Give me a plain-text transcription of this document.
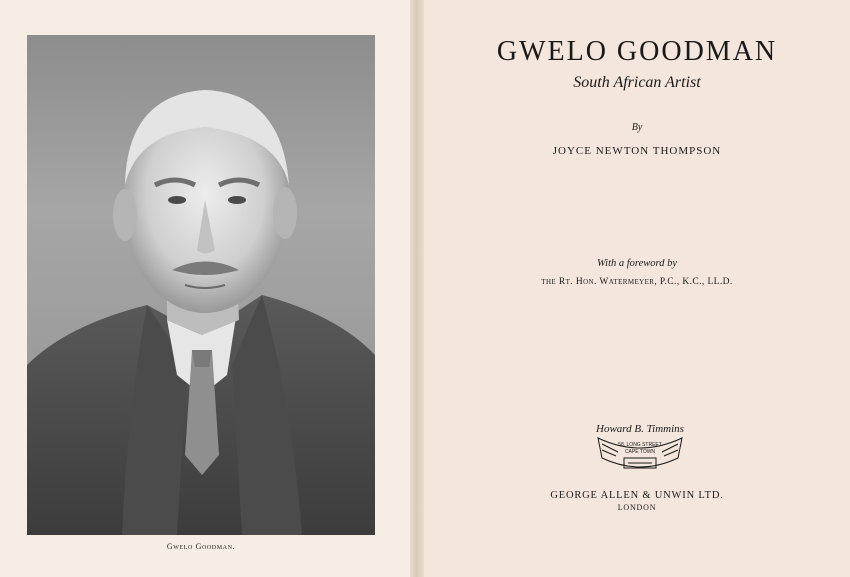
Gwelo Goodman.
GWELO GOODMAN
South African Artist
By
JOYCE NEWTON THOMPSON
With a foreword by
the Rt. Hon. Watermeyer, P.C., K.C., LL.D.
Howard B. Timmins
58, LONG STREET
CAPE TOWN
GEORGE ALLEN & UNWIN LTD.
LONDON
